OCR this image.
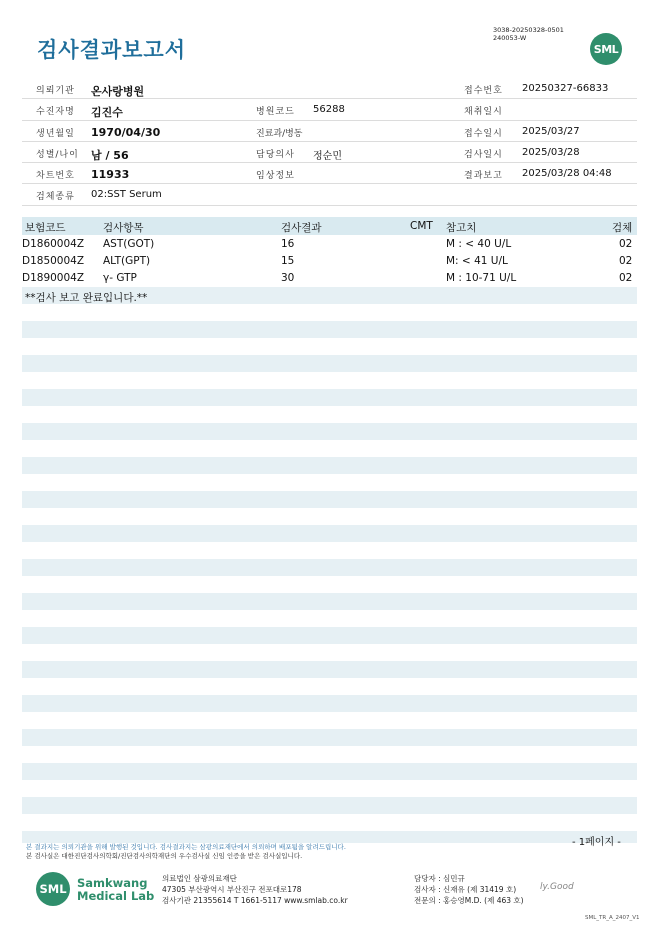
검사결과보고서
3038-20250328-0501
240053-W
SML
의뢰기관 온사랑병원	접수번호 20250327-66833
수진자명 김진수	병원코드 56288	채취일시
생년월일 1970/04/30	진료과/병동	접수일시 2025/03/27
성별/나이 남 / 56	담당의사 정순민	검사일시 2025/03/28
차트번호 11933	임상정보	결과보고 2025/03/28 04:48
검체종류 02:SST Serum
보험코드	검사항목	검사결과	CMT 참고치	검체
D1860004Z AST(GOT)	16	M : < 40 U/L	02
D1850004Z ALT(GPT)	15	M: < 41 U/L	02
D1890004Z γ- GTP	30	M : 10-71 U/L	02
**검사 보고 완료입니다.**
- 1페이지 -
본 결과지는 의뢰기관을 위해 발행된 것입니다. 검사결과지는 삼광의료재단에서 의뢰하며 배포됨을 알려드립니다.
본 검사실은 대한진단검사의학회/진단검사의학재단의 우수검사실 신임 인증을 받은 검사실입니다.
SML Samkwang
Medical Lab
의료법인 삼광의료재단
47305 부산광역시 부산진구 전포대로178
검사기관 21355614 T 1661-5117 www.smlab.co.kr
담당자 : 심민규
검사자 : 신재유 (제 31419 호)
전문의 : 홍승영M.D. (제 463 호)
ly.Good
SML_TR_A_2407_V1
